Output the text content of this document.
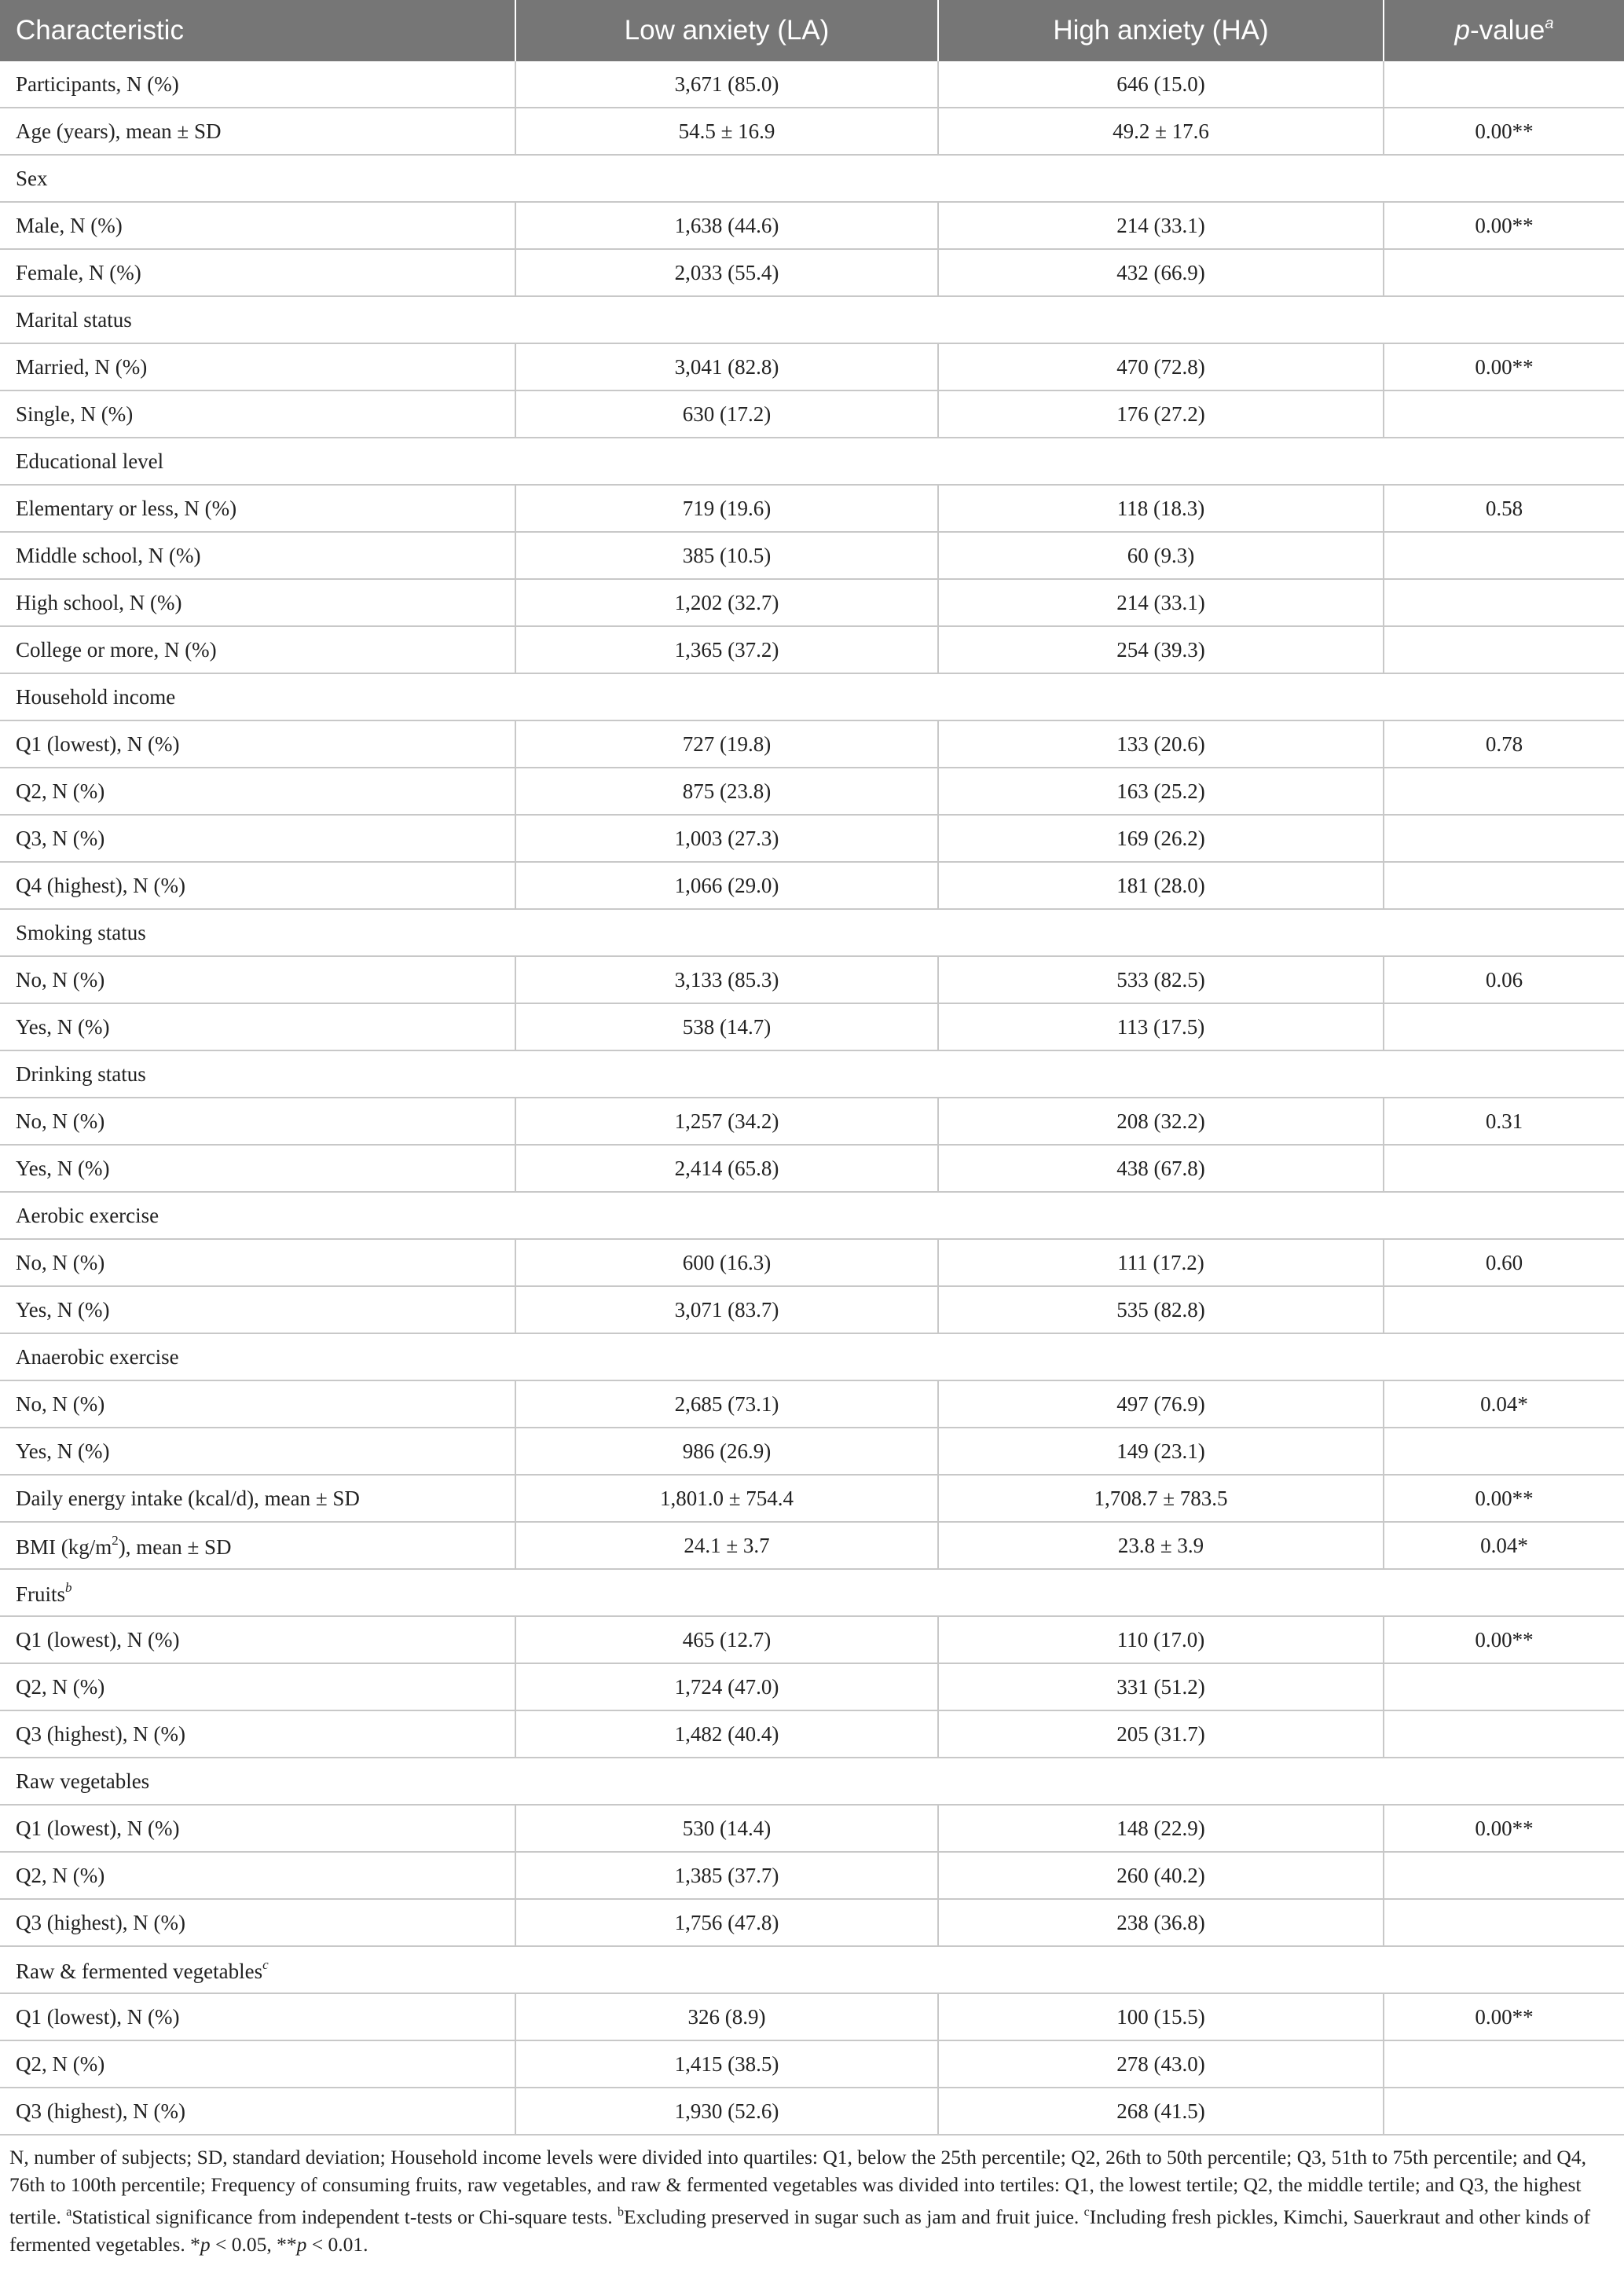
Characteristic	Low anxiety (LA)	High anxiety (HA)	p-value$^a$
Participants, N (%)	3,671 (85.0)	646 (15.0)	
Age (years), mean ± SD	54.5 ± 16.9	49.2 ± 17.6	0.00**
Sex			
Male, N (%)	1,638 (44.6)	214 (33.1)	0.00**
Female, N (%)	2,033 (55.4)	432 (66.9)	
Marital status			
Married, N (%)	3,041 (82.8)	470 (72.8)	0.00**
Single, N (%)	630 (17.2)	176 (27.2)	
Educational level			
Elementary or less, N (%)	719 (19.6)	118 (18.3)	0.58
Middle school, N (%)	385 (10.5)	60 (9.3)	
High school, N (%)	1,202 (32.7)	214 (33.1)	
College or more, N (%)	1,365 (37.2)	254 (39.3)	
Household income			
Q1 (lowest), N (%)	727 (19.8)	133 (20.6)	0.78
Q2, N (%)	875 (23.8)	163 (25.2)	
Q3, N (%)	1,003 (27.3)	169 (26.2)	
Q4 (highest), N (%)	1,066 (29.0)	181 (28.0)	
Smoking status			
No, N (%)	3,133 (85.3)	533 (82.5)	0.06
Yes, N (%)	538 (14.7)	113 (17.5)	
Drinking status			
No, N (%)	1,257 (34.2)	208 (32.2)	0.31
Yes, N (%)	2,414 (65.8)	438 (67.8)	
Aerobic exercise			
No, N (%)	600 (16.3)	111 (17.2)	0.60
Yes, N (%)	3,071 (83.7)	535 (82.8)	
Anaerobic exercise			
No, N (%)	2,685 (73.1)	497 (76.9)	0.04*
Yes, N (%)	986 (26.9)	149 (23.1)	
Daily energy intake (kcal/d), mean ± SD	1,801.0 ± 754.4	1,708.7 ± 783.5	0.00**
BMI $(kg/m^2)$, mean ± SD	24.1 ± 3.7	23.8 ± 3.9	0.04*
Fruits$^b$
Q1 (lowest), N (%)	465 (12.7)	110 (17.0)	0.00**
Q2, N (%)	1,724 (47.0)	331 (51.2)	
Q3 (highest), N (%)	1,482 (40.4)	205 (31.7)	
Raw vegetables			
Q1 (lowest), N (%)	530 (14.4)	148 (22.9)	0.00**
Q2, N (%)	1,385 (37.7)	260 (40.2)	
Q3 (highest), N (%)	1,756 (47.8)	238 (36.8)	
Raw & fermented vegetables$^c$
Q1 (lowest), N (%)	326 (8.9)	100 (15.5)	0.00**
Q2, N (%)	1,415 (38.5)	278 (43.0)	
Q3 (highest), N (%)	1,930 (52.6)	268 (41.5)	

N, number of subjects; SD, standard deviation; Household income levels were divided into quartiles: Q1, below the 25th percentile; Q2, 26th to 50th percentile; Q3, 51th to 75th percentile; and Q4, 76th to 100th percentile; Frequency of consuming fruits, raw vegetables, and raw & fermented vegetables was divided into tertiles: Q1, the lowest tertile; Q2, the middle tertile; and Q3, the highest tertile. $^a$Statistical significance from independent t-tests or Chi-square tests. $^b$Excluding preserved in sugar such as jam and fruit juice. $^c$Including fresh pickles, Kimchi, Sauerkraut and other kinds of fermented vegetables. *p < 0.05, **p < 0.01.
